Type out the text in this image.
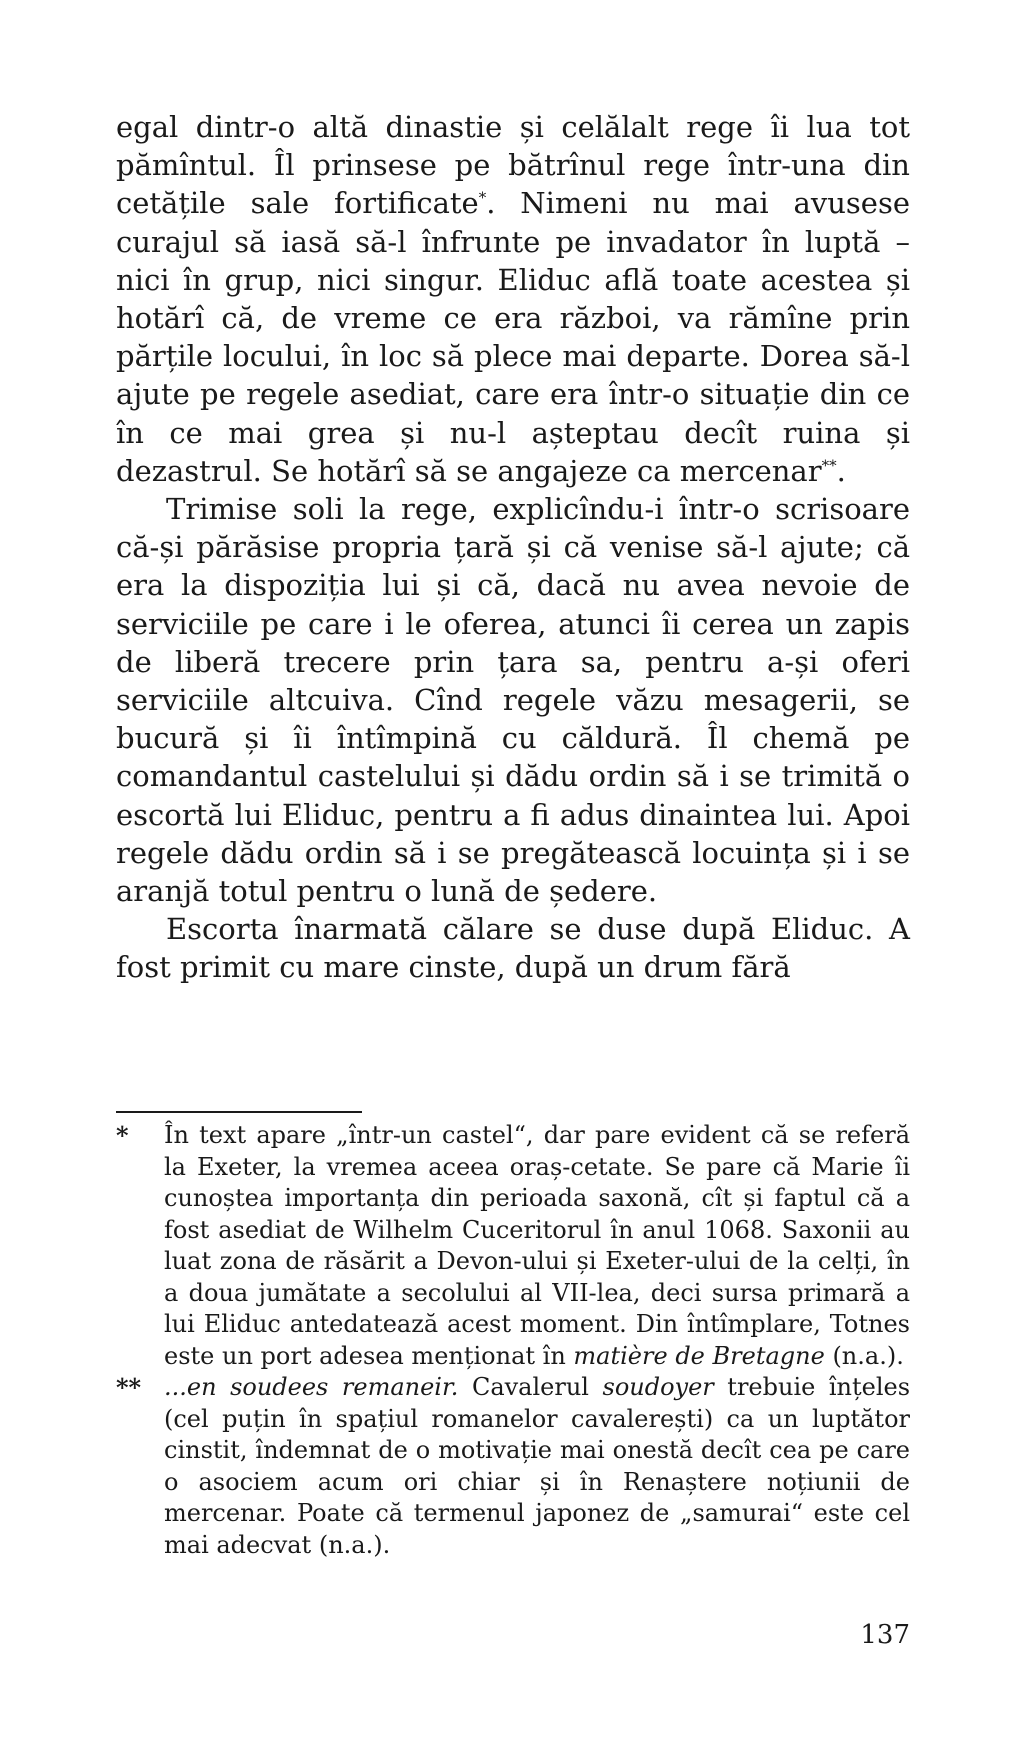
egal dintr-o altă dinastie și celălalt rege îi lua tot pămîntul. Îl prinsese pe bătrînul rege într-una din cetățile sale fortificate*. Nimeni nu mai avusese curajul să iasă să-l înfrunte pe invadator în luptă – nici în grup, nici singur. Eliduc află toate acestea și hotărî că, de vreme ce era război, va rămîne prin părțile locului, în loc să plece mai departe. Dorea să-l ajute pe regele asediat, care era într-o situație din ce în ce mai grea și nu-l așteptau decît ruina și dezastrul. Se hotărî să se angajeze ca mercenar**.

Trimise soli la rege, explicîndu-i într-o scrisoare că-și părăsise propria țară și că venise să-l ajute; că era la dispoziția lui și că, dacă nu avea nevoie de serviciile pe care i le oferea, atunci îi cerea un zapis de liberă trecere prin țara sa, pentru a-și oferi serviciile altcuiva. Cînd regele văzu mesagerii, se bucură și îi întîmpină cu căldură. Îl chemă pe comandantul castelului și dădu ordin să i se trimită o escortă lui Eliduc, pentru a fi adus dinaintea lui. Apoi regele dădu ordin să i se pregătească locuința și i se aranjă totul pentru o lună de ședere.

Escorta înarmată călare se duse după Eliduc. A fost primit cu mare cinste, după un drum fără

* În text apare „într-un castel“, dar pare evident că se referă la Exeter, la vremea aceea oraș-cetate. Se pare că Marie îi cunoștea importanța din perioada saxonă, cît și faptul că a fost asediat de Wilhelm Cuceritorul în anul 1068. Saxonii au luat zona de răsărit a Devon-ului și Exeter-ului de la celți, în a doua jumătate a secolului al VII-lea, deci sursa primară a lui Eliduc antedatează acest moment. Din întîmplare, Totnes este un port adesea menționat în matière de Bretagne (n.a.).
** ...en soudees remaneir. Cavalerul soudoyer trebuie înțeles (cel puțin în spațiul romanelor cavalerești) ca un luptător cinstit, îndemnat de o motivație mai onestă decît cea pe care o asociem acum ori chiar și în Renaștere noțiunii de mercenar. Poate că termenul japonez de „samurai“ este cel mai adecvat (n.a.).
137
